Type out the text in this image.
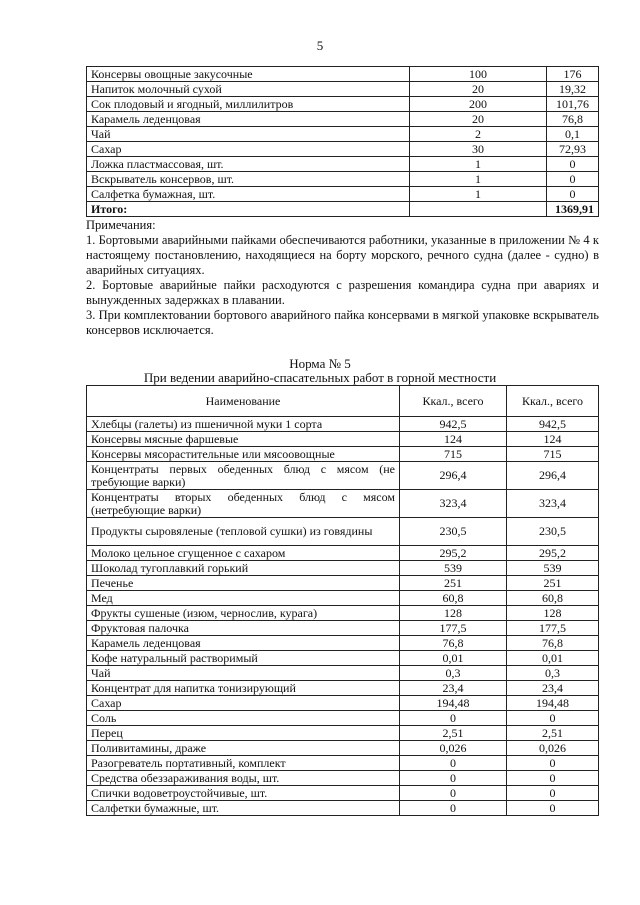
5
Консервы овощные закусочные	100	176
Напиток молочный сухой	20	19,32
Сок плодовый и ягодный, миллилитров	200	101,76
Карамель леденцовая	20	76,8
Чай	2	0,1
Сахар	30	72,93
Ложка пластмассовая, шт.	1	0
Вскрыватель консервов, шт.	1	0
Салфетка бумажная, шт.	1	0
Итого:		1369,91

Примечания:

1. Бортовыми аварийными пайками обеспечиваются работники, указанные в приложении № 4 к настоящему постановлению, находящиеся на борту морского, речного судна (далее - судно) в аварийных ситуациях.

2. Бортовые аварийные пайки расходуются с разрешения командира судна при авариях и вынужденных задержках в плавании.

3. При комплектовании бортового аварийного пайка консервами в мягкой упаковке вскрыватель консервов исключается.

Норма № 5
При ведении аварийно-спасательных работ в горной местности
Наименование	Ккал., всего	Ккал., всего
Хлебцы (галеты) из пшеничной муки 1 сорта	942,5	942,5
Консервы мясные фаршевые	124	124
Консервы мясорастительные или мясоовощные	715	715
Концентраты первых обеденных блюд с мясом (не требующие варки)	296,4	296,4
Концентраты вторых обеденных блюд с мясом (нетребующие варки)	323,4	323,4
Продукты сыровяленые (тепловой сушки) из говядины	230,5	230,5
Молоко цельное сгущенное с сахаром	295,2	295,2
Шоколад тугоплавкий горький	539	539
Печенье	251	251
Мед	60,8	60,8
Фрукты сушеные (изюм, чернослив, курага)	128	128
Фруктовая палочка	177,5	177,5
Карамель леденцовая	76,8	76,8
Кофе натуральный растворимый	0,01	0,01
Чай	0,3	0,3
Концентрат для напитка тонизирующий	23,4	23,4
Сахар	194,48	194,48
Соль	0	0
Перец	2,51	2,51
Поливитамины, драже	0,026	0,026
Разогреватель портативный, комплект	0	0
Средства обеззараживания воды, шт.	0	0
Спички водоветроустойчивые, шт.	0	0
Салфетки бумажные, шт.	0	0
